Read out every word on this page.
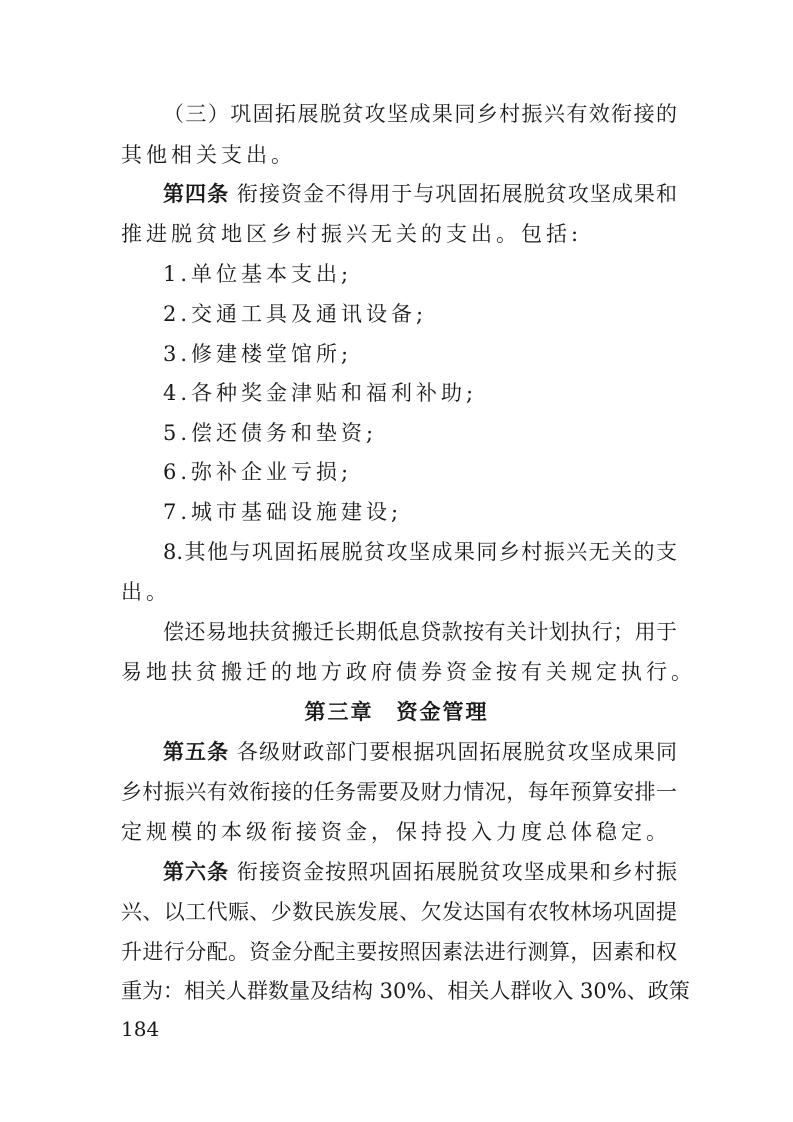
（三）巩固拓展脱贫攻坚成果同乡村振兴有效衔接的
其他相关支出。
第四条 衔接资金不得用于与巩固拓展脱贫攻坚成果和
推进脱贫地区乡村振兴无关的支出。包括:
1.单位基本支出;
2.交通工具及通讯设备;
3.修建楼堂馆所;
4.各种奖金津贴和福利补助;
5.偿还债务和垫资;
6.弥补企业亏损;
7.城市基础设施建设;
8.其他与巩固拓展脱贫攻坚成果同乡村振兴无关的支
出。
偿还易地扶贫搬迁长期低息贷款按有关计划执行；用于
易地扶贫搬迁的地方政府债券资金按有关规定执行。
第三章　资金管理
第五条 各级财政部门要根据巩固拓展脱贫攻坚成果同
乡村振兴有效衔接的任务需要及财力情况，每年预算安排一
定规模的本级衔接资金，保持投入力度总体稳定。
第六条 衔接资金按照巩固拓展脱贫攻坚成果和乡村振
兴、以工代赈、少数民族发展、欠发达国有农牧林场巩固提
升进行分配。资金分配主要按照因素法进行测算，因素和权
重为：相关人群数量及结构 30%、相关人群收入 30%、政策
184
